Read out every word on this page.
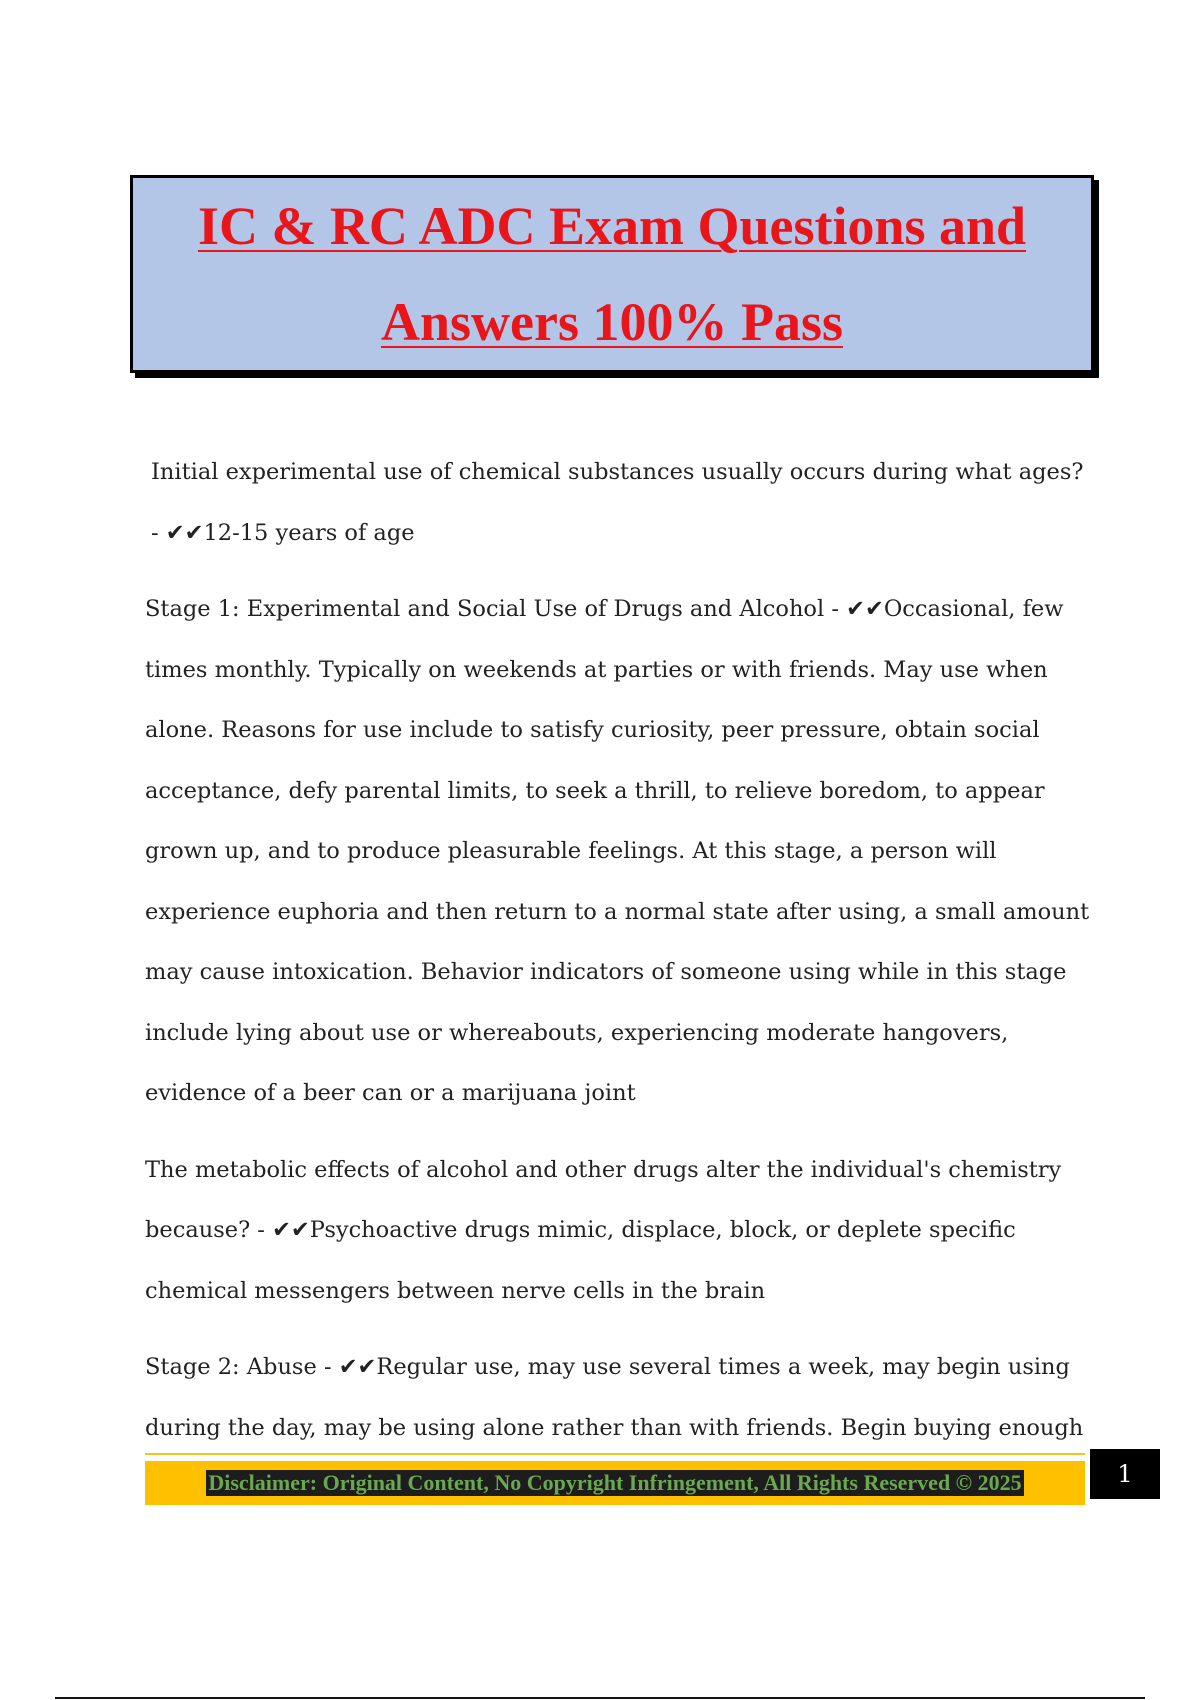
IC & RC ADC Exam Questions and
Answers 100% Pass

Initial experimental use of chemical substances usually occurs during what ages? - ✔✔12-15 years of age

Stage 1: Experimental and Social Use of Drugs and Alcohol - ✔✔Occasional, few times monthly. Typically on weekends at parties or with friends. May use when alone. Reasons for use include to satisfy curiosity, peer pressure, obtain social acceptance, defy parental limits, to seek a thrill, to relieve boredom, to appear grown up, and to produce pleasurable feelings. At this stage, a person will experience euphoria and then return to a normal state after using, a small amount may cause intoxication. Behavior indicators of someone using while in this stage include lying about use or whereabouts, experiencing moderate hangovers, evidence of a beer can or a marijuana joint

The metabolic effects of alcohol and other drugs alter the individual's chemistry because? - ✔✔Psychoactive drugs mimic, displace, block, or deplete specific chemical messengers between nerve cells in the brain

Stage 2: Abuse - ✔✔Regular use, may use several times a week, may begin using during the day, may be using alone rather than with friends. Begin buying enough

Disclaimer: Original Content, No Copyright Infringement, All Rights Reserved © 2025	1
